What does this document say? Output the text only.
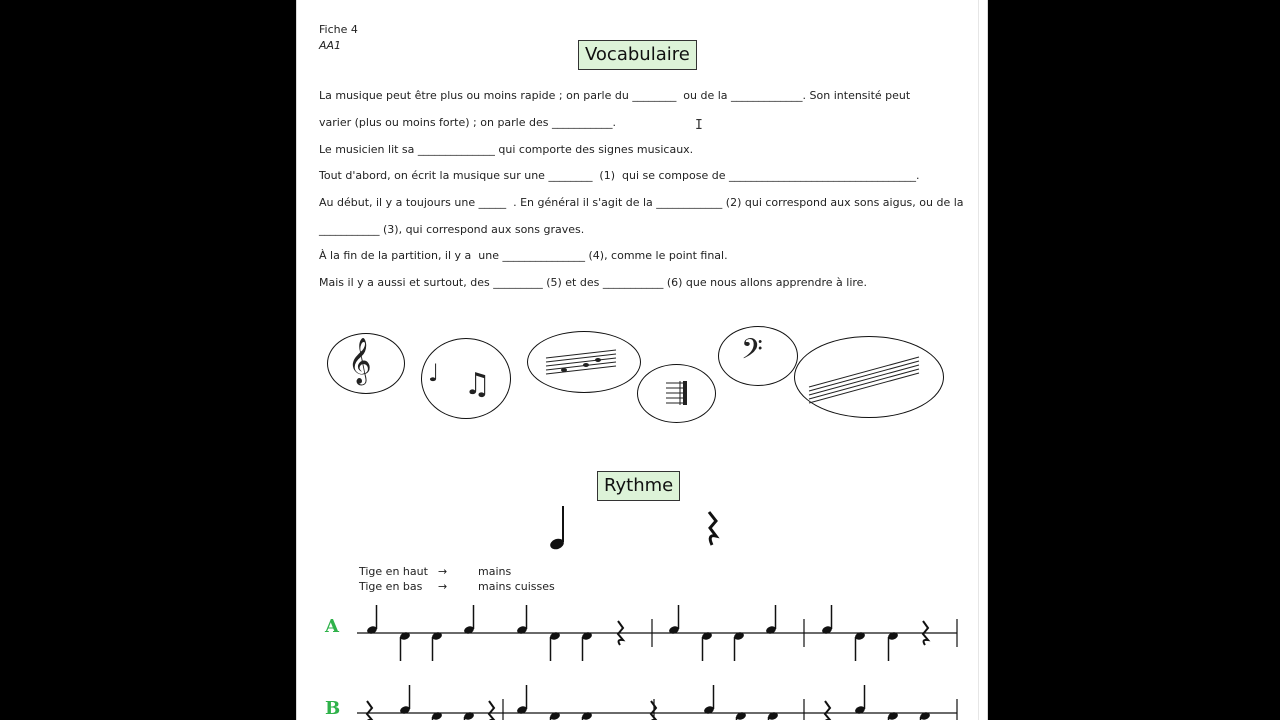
Fiche 4
AA1	Vocabulaire
La musique peut être plus ou moins rapide ; on parle du ________  ou de la _____________. Son intensité peut
varier (plus ou moins forte) ; on parle des ___________.
Le musicien lit sa ______________ qui comporte des signes musicaux.
Tout d'abord, on écrit la musique sur une ________  (1)  qui se compose de __________________________________.
Au début, il y a toujours une _____  . En général il s'agit de la ____________ (2) qui correspond aux sons aigus, ou de la
___________ (3), qui correspond aux sons graves.
À la fin de la partition, il y a  une _______________ (4), comme le point final.
Mais il y a aussi et surtout, des _________ (5) et des ___________ (6) que nous allons apprendre à lire.
I
𝄞 ♩ ♫
𝄢
Rythme
Tige en haut →	mains
Tige en bas →	mains cuisses
A
B
